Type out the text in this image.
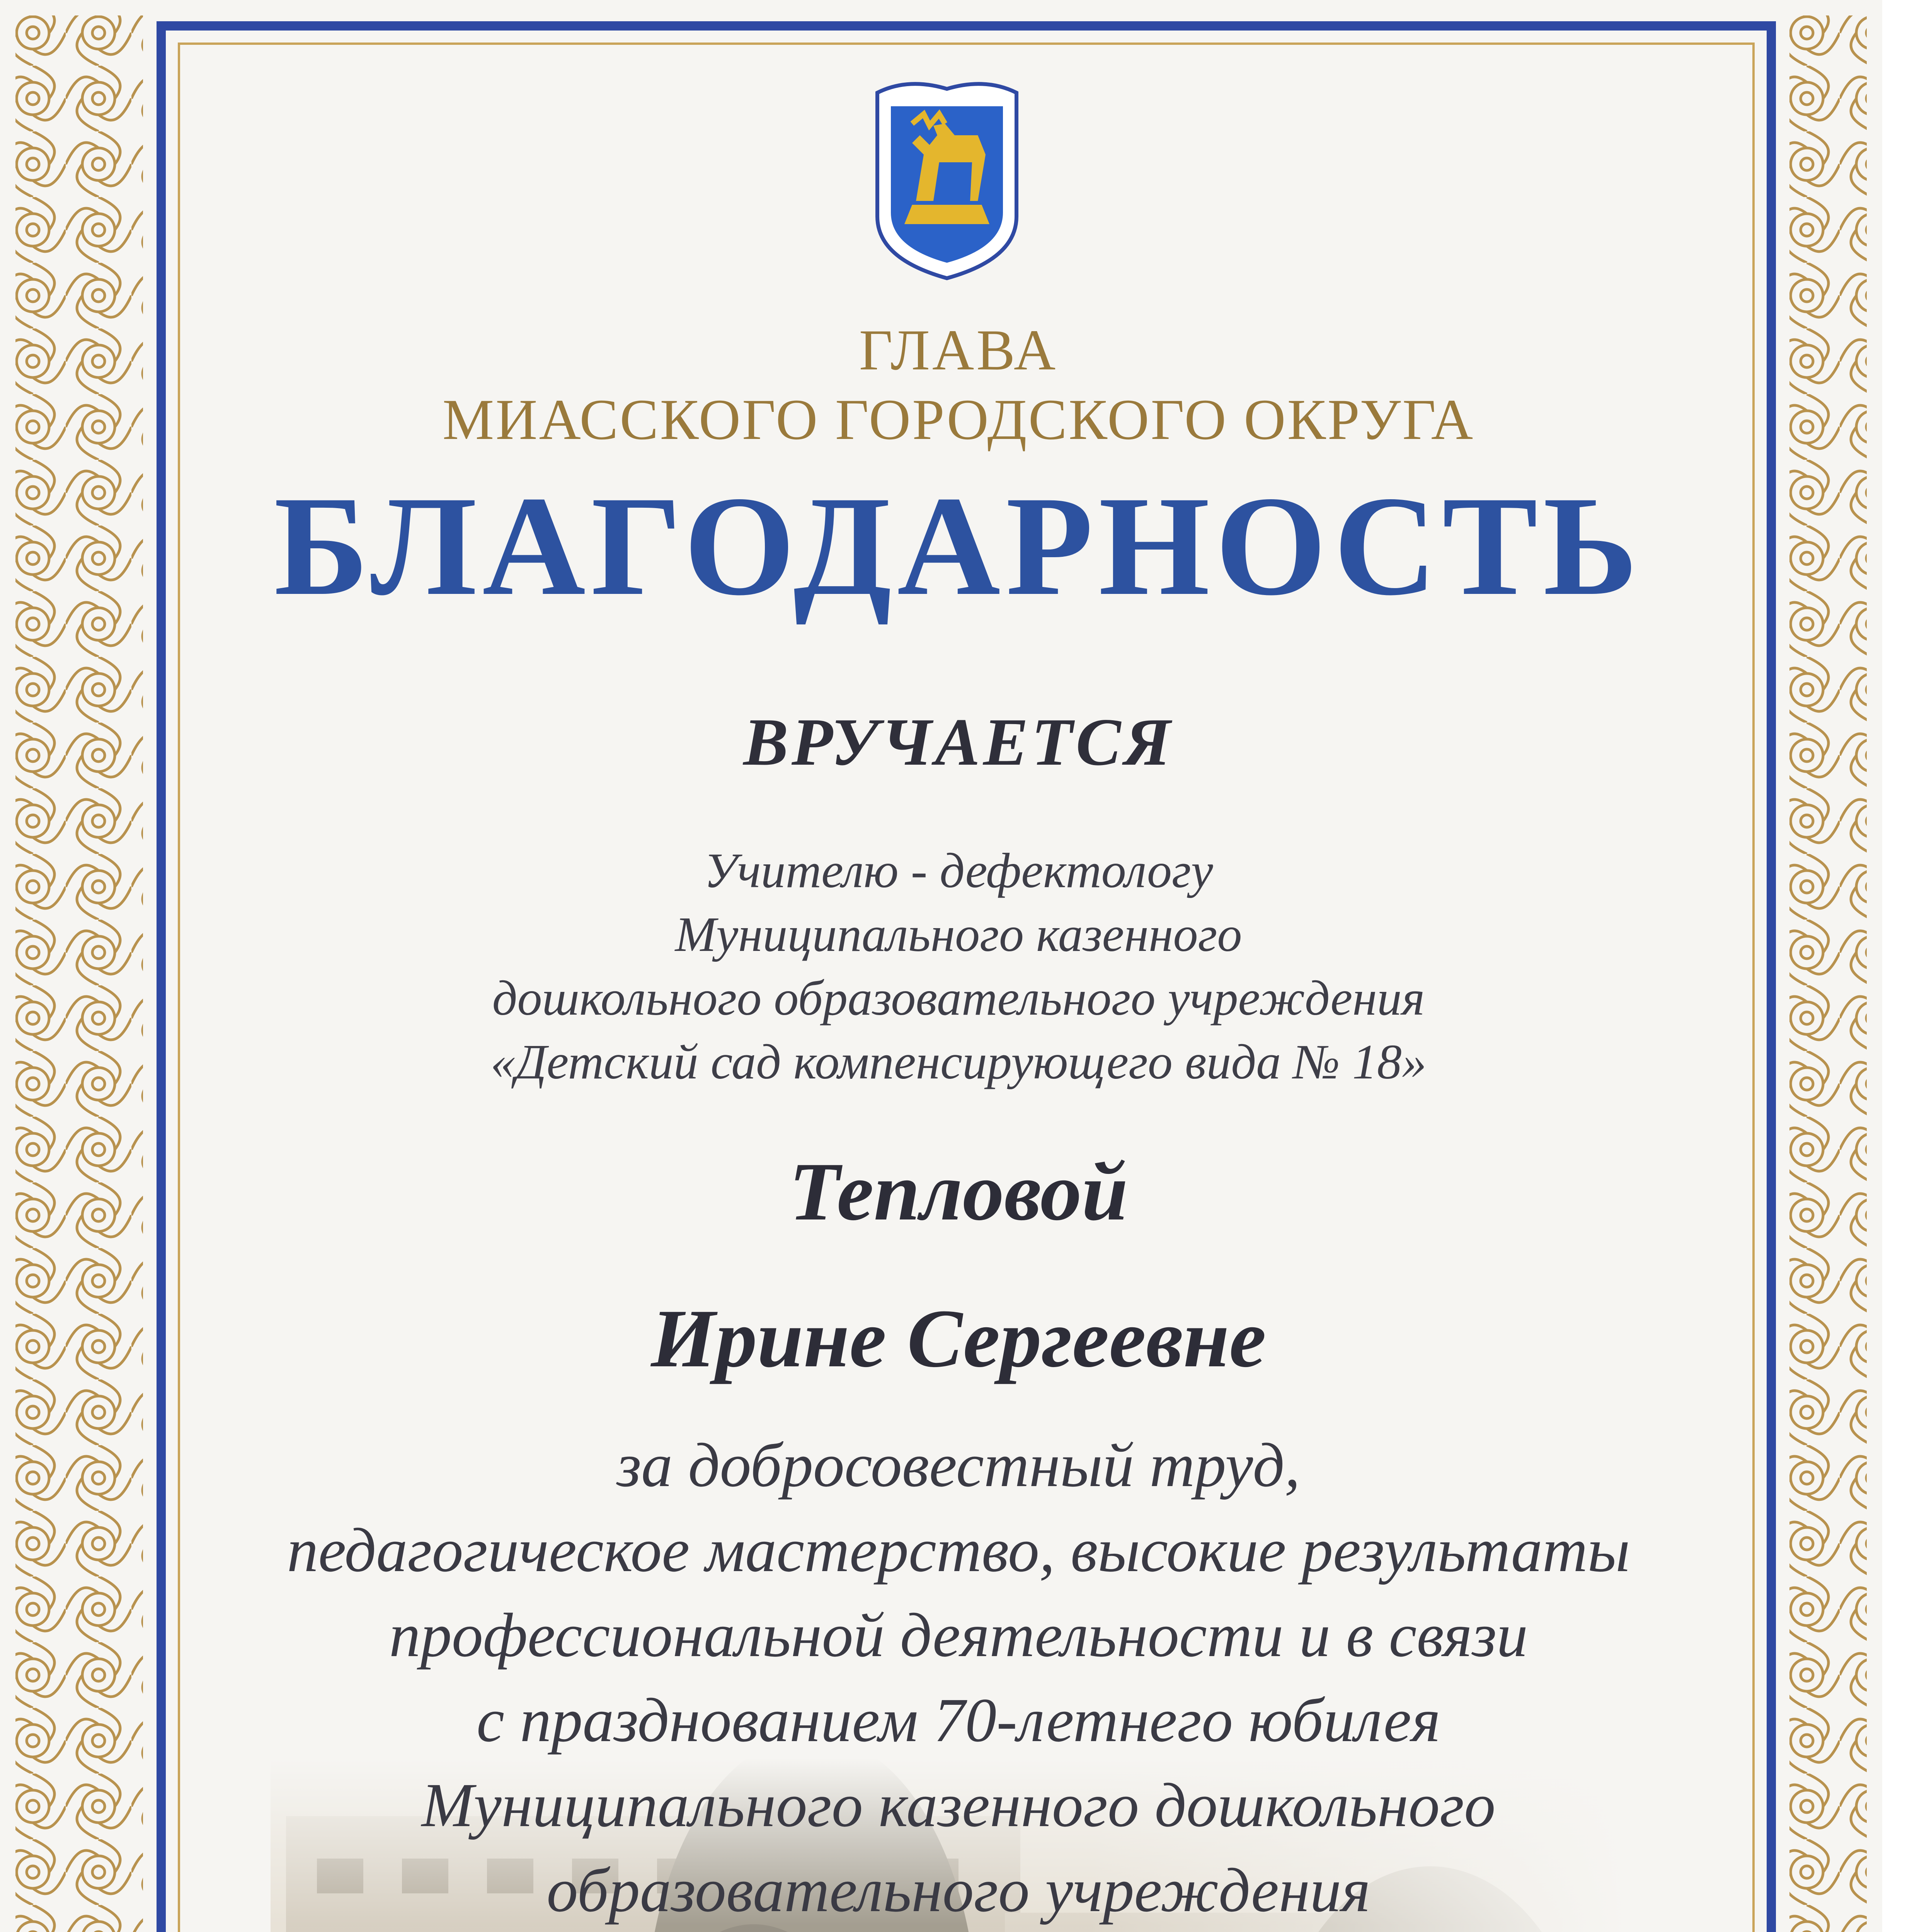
ГЛАВА

МИАССКОГО ГОРОДСКОГО ОКРУГА

БЛАГОДАРНОСТЬ

ВРУЧАЕТСЯ

Учителю - дефектологу

Муниципального казенного

дошкольного образовательного учреждения

«Детский сад компенсирующего вида № 18»

Тепловой

Ирине Сергеевне

за добросовестный труд,

педагогическое мастерство, высокие результаты

профессиональной деятельности и в связи

с празднованием 70-летнего юбилея

Муниципального казенного дошкольного

образовательного учреждения
